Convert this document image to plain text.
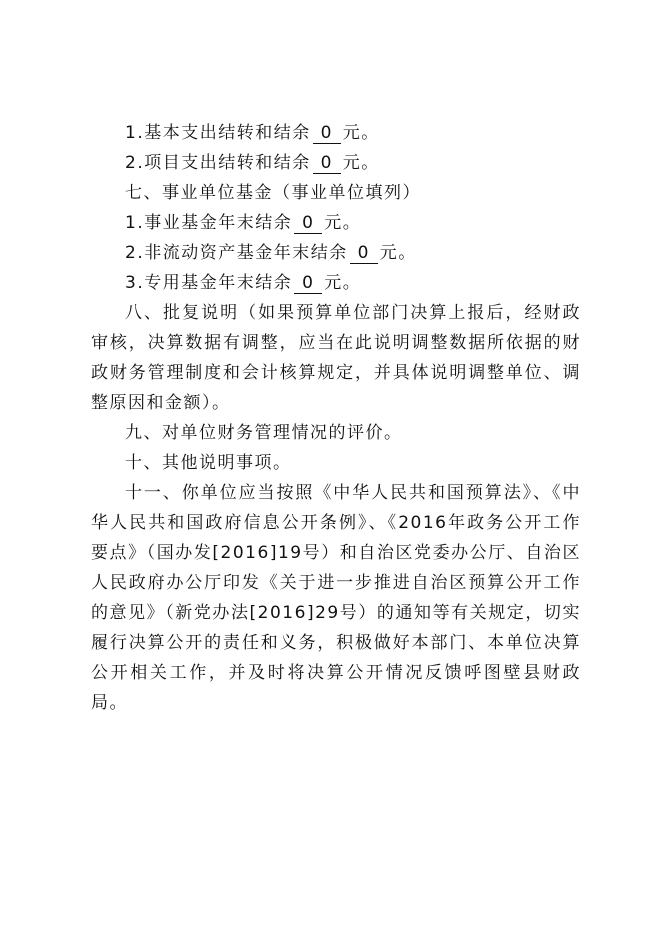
1.基本支出结转和结余 0 元。

2.项目支出结转和结余 0 元。

七、事业单位基金（事业单位填列）

1.事业基金年末结余 0 元。

2.非流动资产基金年末结余 0 元。

3.专用基金年末结余 0 元。

八、批复说明（如果预算单位部门决算上报后，经财政审核，决算数据有调整，应当在此说明调整数据所依据的财政财务管理制度和会计核算规定，并具体说明调整单位、调整原因和金额）。

九、对单位财务管理情况的评价。

十、其他说明事项。

十一、你单位应当按照《中华人民共和国预算法》、《中华人民共和国政府信息公开条例》、《2016年政务公开工作要点》（国办发[2016]19号）和自治区党委办公厅、自治区人民政府办公厅印发《关于进一步推进自治区预算公开工作的意见》（新党办法[2016]29号）的通知等有关规定，切实履行决算公开的责任和义务，积极做好本部门、本单位决算公开相关工作，并及时将决算公开情况反馈呼图壁县财政局。
